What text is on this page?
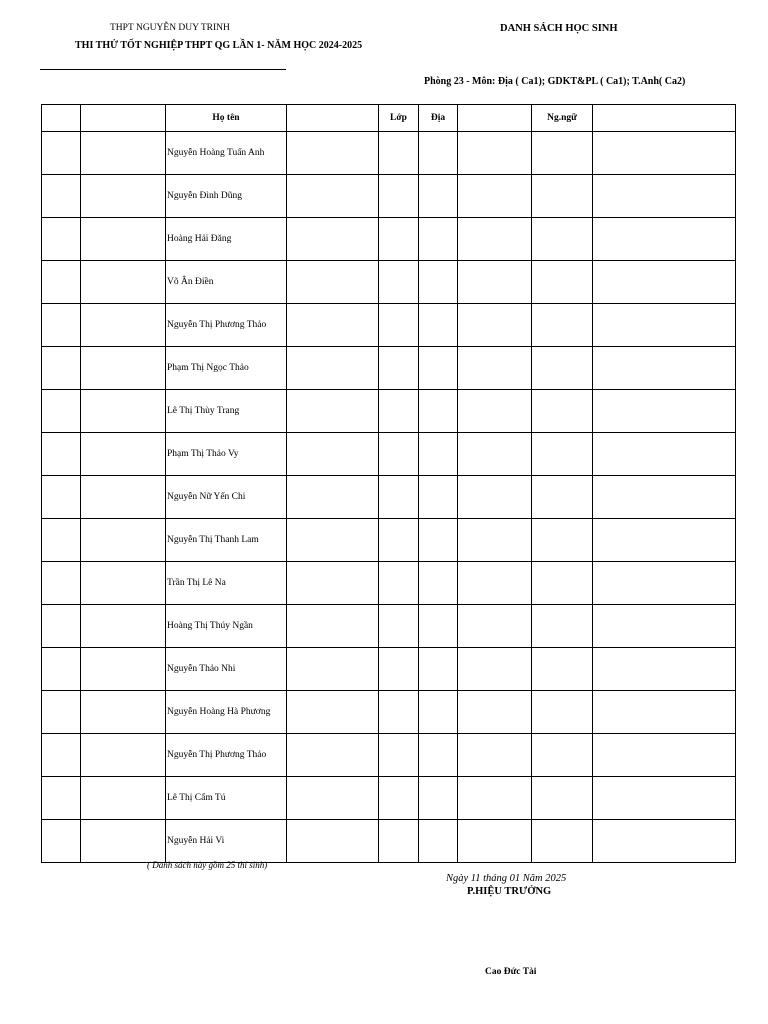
THPT NGUYỄN DUY TRINH
THI THỬ TỐT NGHIỆP THPT QG LẦN 1- NĂM HỌC 2024-2025
DANH SÁCH HỌC SINH
Phòng 23 - Môn: Địa ( Ca1); GDKT&PL ( Ca1); T.Anh( Ca2)
		Họ tên		Lớp	Địa		Ng.ngữ	
		Nguyễn Hoàng Tuấn Anh						
		Nguyễn Đình Dũng						
		Hoàng Hải Đăng						
		Võ Ân Điền						
		Nguyễn Thị Phương Thảo						
		Phạm Thị Ngọc Thảo						
		Lê Thị Thùy Trang						
		Phạm Thị Thảo Vy						
		Nguyễn Nữ Yến Chi						
		Nguyễn Thị Thanh Lam						
		Trần Thị Lê Na						
		Hoàng Thị Thúy Ngần						
		Nguyễn Thảo Nhi						
		Nguyễn Hoàng Hà Phương						
		Nguyễn Thị Phương Thảo						
		Lê Thị Cẩm Tú						
		Nguyễn Hải Vi						
( Danh sách này gồm 25 thí sinh)
Ngày 11 tháng 01 Năm 2025
P.HIỆU TRƯỞNG
Cao Đức Tài
